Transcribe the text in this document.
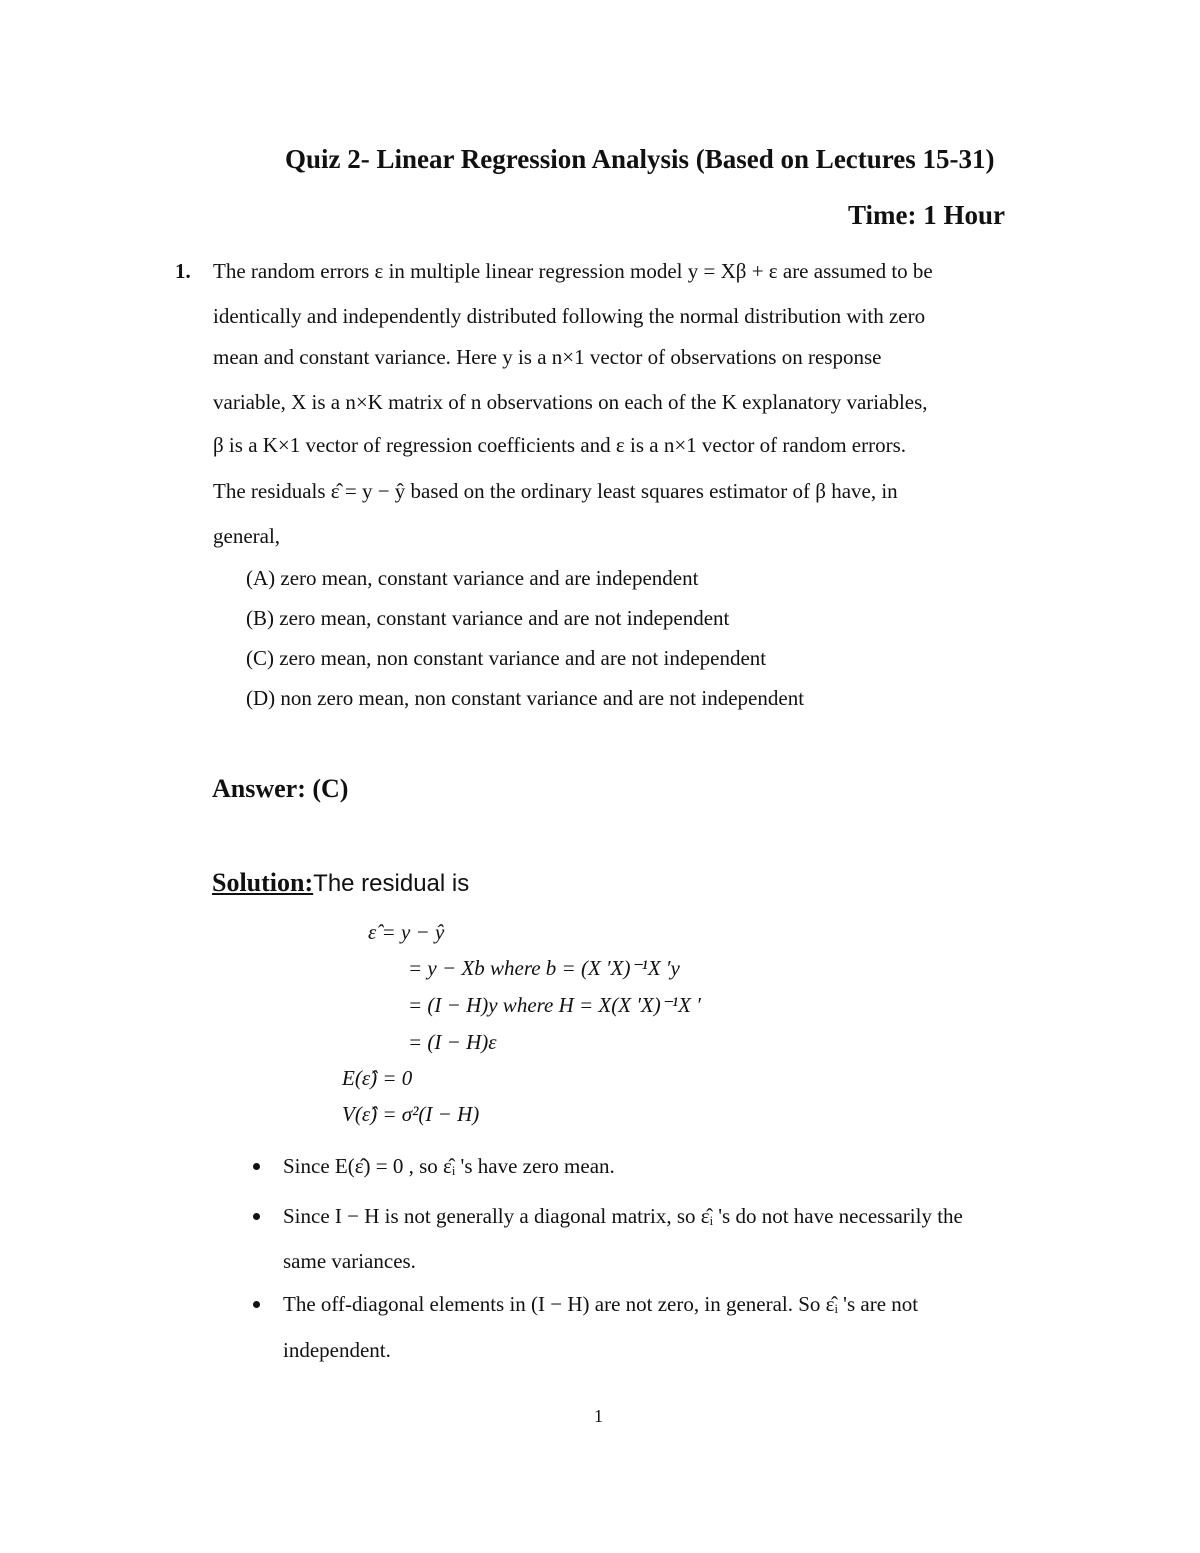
Quiz 2- Linear Regression Analysis (Based on Lectures 15-31)
Time: 1 Hour
1. The random errors ε in multiple linear regression model y = Xβ + ε are assumed to be
identically and independently distributed following the normal distribution with zero
mean and constant variance. Here y is a n×1 vector of observations on response
variable, X is a n×K matrix of n observations on each of the K explanatory variables,
β is a K×1 vector of regression coefficients and ε is a n×1 vector of random errors.
The residuals ε̂ = y − ŷ based on the ordinary least squares estimator of β have, in
general,
(A) zero mean, constant variance and are independent
(B) zero mean, constant variance and are not independent
(C) zero mean, non constant variance and are not independent
(D) non zero mean, non constant variance and are not independent
Answer: (C)
Solution:The residual is
ε̂ = y − ŷ
= y − Xb where b = (X ′X)⁻¹X ′y
= (I − H)y where H = X(X ′X)⁻¹X ′
= (I − H)ε
E(ε̂) = 0
V(ε̂) = σ²(I − H)
Since E(ε̂) = 0 , so ε̂ᵢ 's have zero mean.
Since I − H is not generally a diagonal matrix, so ε̂ᵢ 's do not have necessarily the
same variances.
The off-diagonal elements in (I − H) are not zero, in general. So ε̂ᵢ 's are not
independent.
1
